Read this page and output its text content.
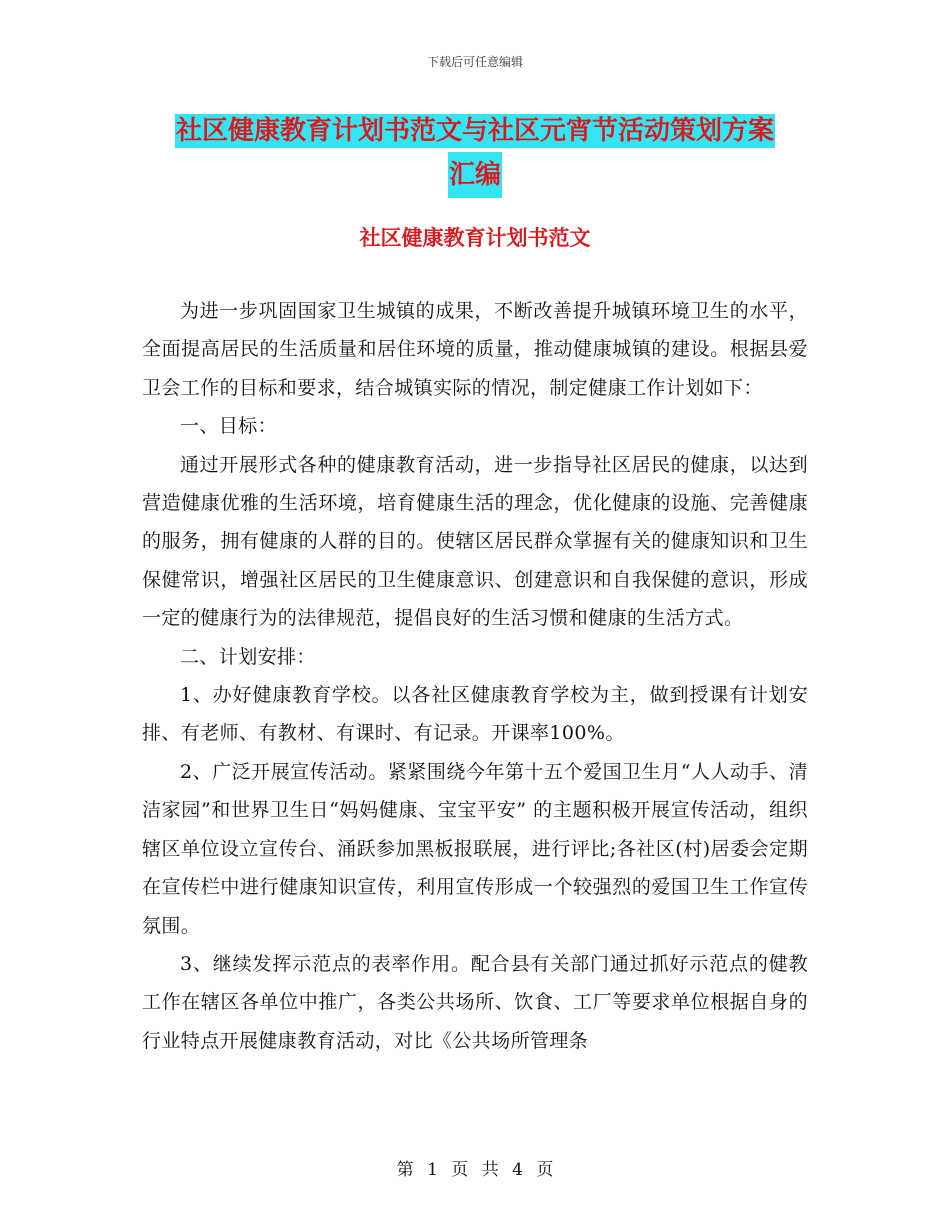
下载后可任意编辑
社区健康教育计划书范文与社区元宵节活动策划方案
汇编
社区健康教育计划书范文

为进一步巩固国家卫生城镇的成果，不断改善提升城镇环境卫生的水平，全面提高居民的生活质量和居住环境的质量，推动健康城镇的建设。根据县爱卫会工作的目标和要求，结合城镇实际的情况，制定健康工作计划如下：

一、目标：

通过开展形式各种的健康教育活动，进一步指导社区居民的健康，以达到营造健康优雅的生活环境，培育健康生活的理念，优化健康的设施、完善健康的服务，拥有健康的人群的目的。使辖区居民群众掌握有关的健康知识和卫生保健常识，增强社区居民的卫生健康意识、创建意识和自我保健的意识，形成一定的健康行为的法律规范，提倡良好的生活习惯和健康的生活方式。

二、计划安排：

1、办好健康教育学校。以各社区健康教育学校为主，做到授课有计划安排、有老师、有教材、有课时、有记录。开课率100%。

2、广泛开展宣传活动。紧紧围绕今年第十五个爱国卫生月“人人动手、清洁家园”和世界卫生日“妈妈健康、宝宝平安” 的主题积极开展宣传活动，组织辖区单位设立宣传台、涌跃参加黑板报联展，进行评比;各社区(村)居委会定期在宣传栏中进行健康知识宣传，利用宣传形成一个较强烈的爱国卫生工作宣传氛围。

3、继续发挥示范点的表率作用。配合县有关部门通过抓好示范点的健教工作在辖区各单位中推广，各类公共场所、饮食、工厂等要求单位根据自身的行业特点开展健康教育活动，对比《公共场所管理条

第 1 页 共 4 页
